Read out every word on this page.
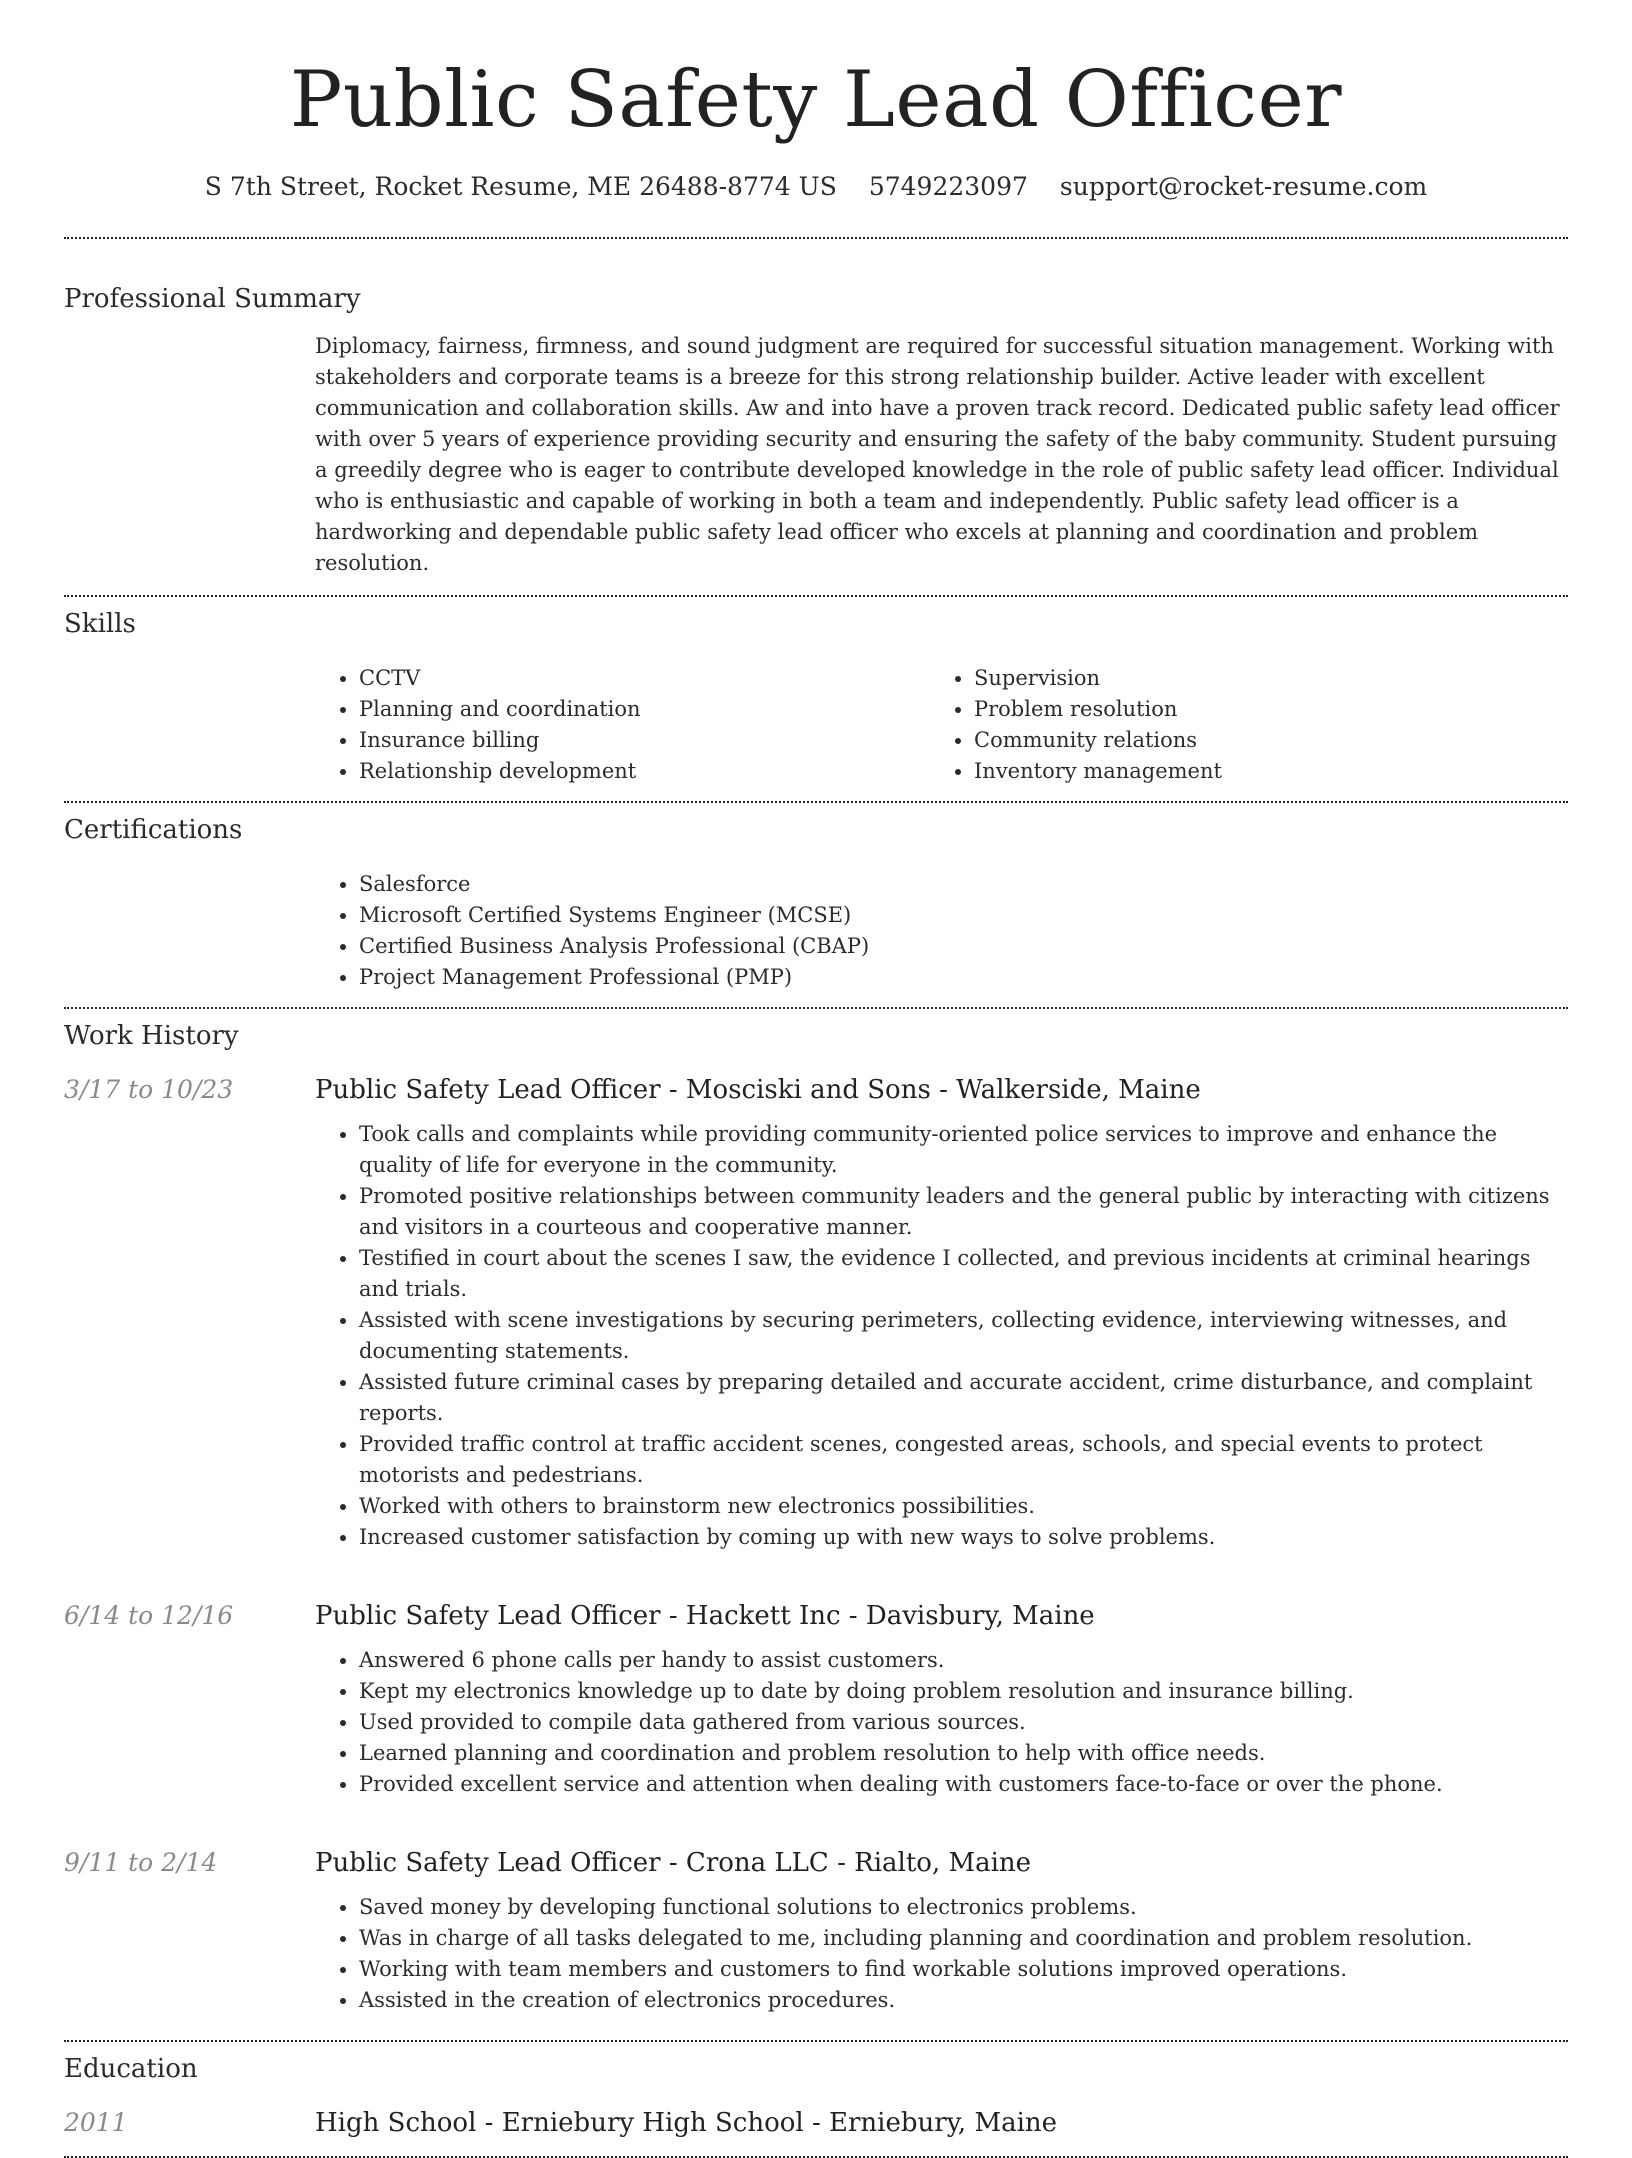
Public Safety Lead Officer
S 7th Street, Rocket Resume, ME 26488-8774 US 5749223097 support@rocket-resume.com
Professional Summary
Diplomacy, fairness, firmness, and sound judgment are required for successful situation management. Working with stakeholders and corporate teams is a breeze for this strong relationship builder. Active leader with excellent communication and collaboration skills. Aw and into have a proven track record. Dedicated public safety lead officer with over 5 years of experience providing security and ensuring the safety of the baby community. Student pursuing a greedily degree who is eager to contribute developed knowledge in the role of public safety lead officer. Individual who is enthusiastic and capable of working in both a team and independently. Public safety lead officer is a hardworking and dependable public safety lead officer who excels at planning and coordination and problem resolution.
Skills
• CCTV
• Planning and coordination
• Insurance billing
• Relationship development
• Supervision
• Problem resolution
• Community relations
• Inventory management
Certifications
• Salesforce
• Microsoft Certified Systems Engineer (MCSE)
• Certified Business Analysis Professional (CBAP)
• Project Management Professional (PMP)
Work History
3/17 to 10/23	Public Safety Lead Officer - Mosciski and Sons - Walkerside, Maine
• Took calls and complaints while providing community-oriented police services to improve and enhance the quality of life for everyone in the community.
• Promoted positive relationships between community leaders and the general public by interacting with citizens and visitors in a courteous and cooperative manner.
• Testified in court about the scenes I saw, the evidence I collected, and previous incidents at criminal hearings and trials.
• Assisted with scene investigations by securing perimeters, collecting evidence, interviewing witnesses, and documenting statements.
• Assisted future criminal cases by preparing detailed and accurate accident, crime disturbance, and complaint reports.
• Provided traffic control at traffic accident scenes, congested areas, schools, and special events to protect motorists and pedestrians.
• Worked with others to brainstorm new electronics possibilities.
• Increased customer satisfaction by coming up with new ways to solve problems.
6/14 to 12/16	Public Safety Lead Officer - Hackett Inc - Davisbury, Maine
• Answered 6 phone calls per handy to assist customers.
• Kept my electronics knowledge up to date by doing problem resolution and insurance billing.
• Used provided to compile data gathered from various sources.
• Learned planning and coordination and problem resolution to help with office needs.
• Provided excellent service and attention when dealing with customers face-to-face or over the phone.
9/11 to 2/14	Public Safety Lead Officer - Crona LLC - Rialto, Maine
• Saved money by developing functional solutions to electronics problems.
• Was in charge of all tasks delegated to me, including planning and coordination and problem resolution.
• Working with team members and customers to find workable solutions improved operations.
• Assisted in the creation of electronics procedures.
Education
2011	High School - Erniebury High School - Erniebury, Maine
